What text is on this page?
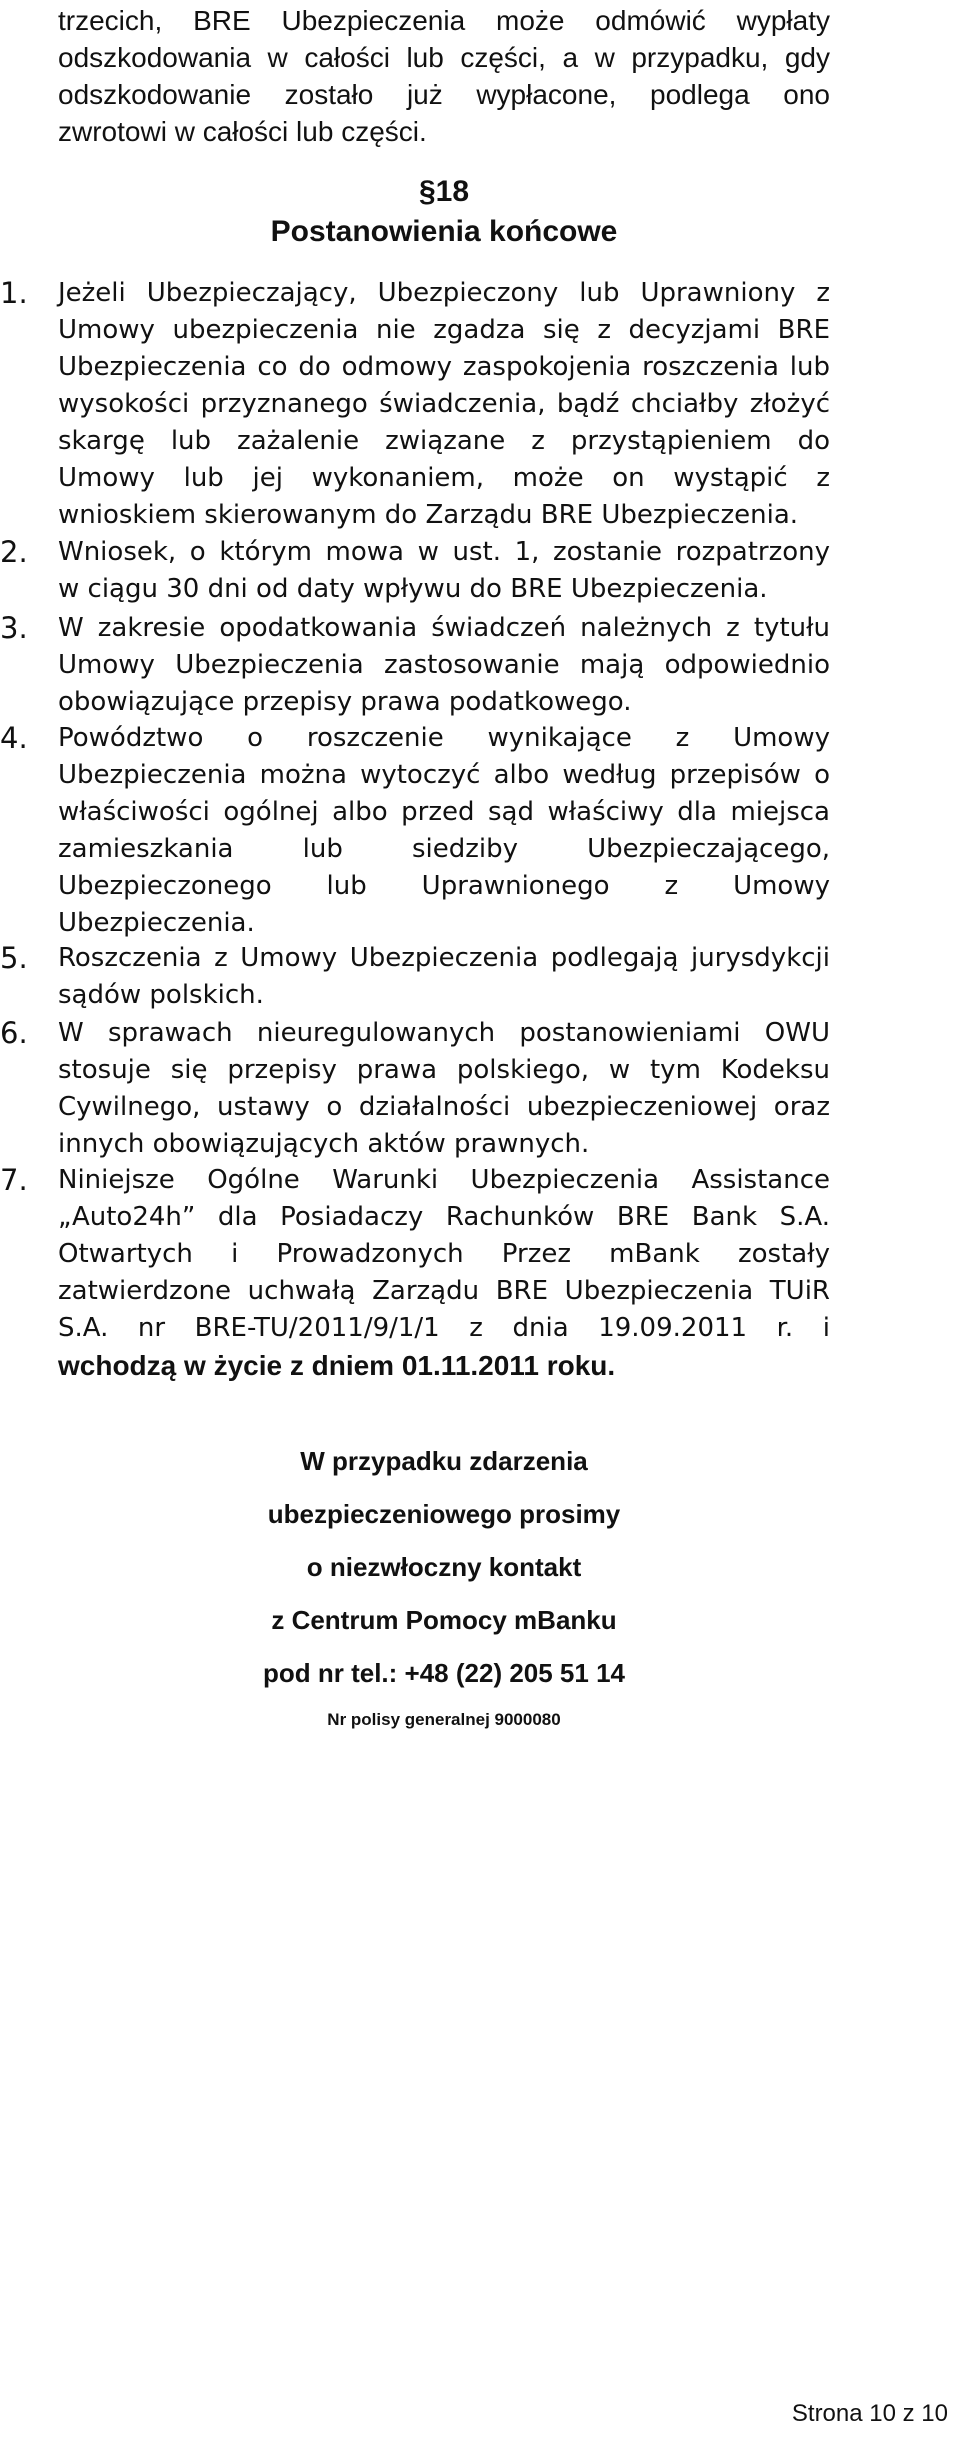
trzecich, BRE Ubezpieczenia może odmówić wypłaty
odszkodowania w całości lub części, a w przypadku, gdy
odszkodowanie zostało już wypłacone, podlega ono
zwrotowi w całości lub części.
§18
Postanowienia końcowe
1.	Jeżeli Ubezpieczający, Ubezpieczony lub Uprawniony z
Umowy ubezpieczenia nie zgadza się z decyzjami BRE
Ubezpieczenia co do odmowy zaspokojenia roszczenia lub
wysokości przyznanego świadczenia, bądź chciałby złożyć
skargę lub zażalenie związane z przystąpieniem do
Umowy lub jej wykonaniem, może on wystąpić z
wnioskiem skierowanym do Zarządu BRE Ubezpieczenia.
2.	Wniosek, o którym mowa w ust. 1, zostanie rozpatrzony
w ciągu 30 dni od daty wpływu do BRE Ubezpieczenia.
3.	W zakresie opodatkowania świadczeń należnych z tytułu
Umowy Ubezpieczenia zastosowanie mają odpowiednio
obowiązujące przepisy prawa podatkowego.
4.	Powództwo o roszczenie wynikające z Umowy
Ubezpieczenia można wytoczyć albo według przepisów o
właściwości ogólnej albo przed sąd właściwy dla miejsca
zamieszkania lub siedziby Ubezpieczającego,
Ubezpieczonego lub Uprawnionego z Umowy
Ubezpieczenia.
5.	Roszczenia z Umowy Ubezpieczenia podlegają jurysdykcji
sądów polskich.
6.	W sprawach nieuregulowanych postanowieniami OWU
stosuje się przepisy prawa polskiego, w tym Kodeksu
Cywilnego, ustawy o działalności ubezpieczeniowej oraz
innych obowiązujących aktów prawnych.
7.	Niniejsze Ogólne Warunki Ubezpieczenia Assistance
„Auto24h” dla Posiadaczy Rachunków BRE Bank S.A.
Otwartych i Prowadzonych Przez mBank zostały
zatwierdzone uchwałą Zarządu BRE Ubezpieczenia TUiR
S.A. nr BRE-TU/2011/9/1/1 z dnia 19.09.2011 r. i
wchodzą w życie z dniem 01.11.2011 roku.
W przypadku zdarzenia
ubezpieczeniowego prosimy
o niezwłoczny kontakt
z Centrum Pomocy mBanku
pod nr tel.: +48 (22) 205 51 14
Nr polisy generalnej 9000080
Strona 10 z 10
